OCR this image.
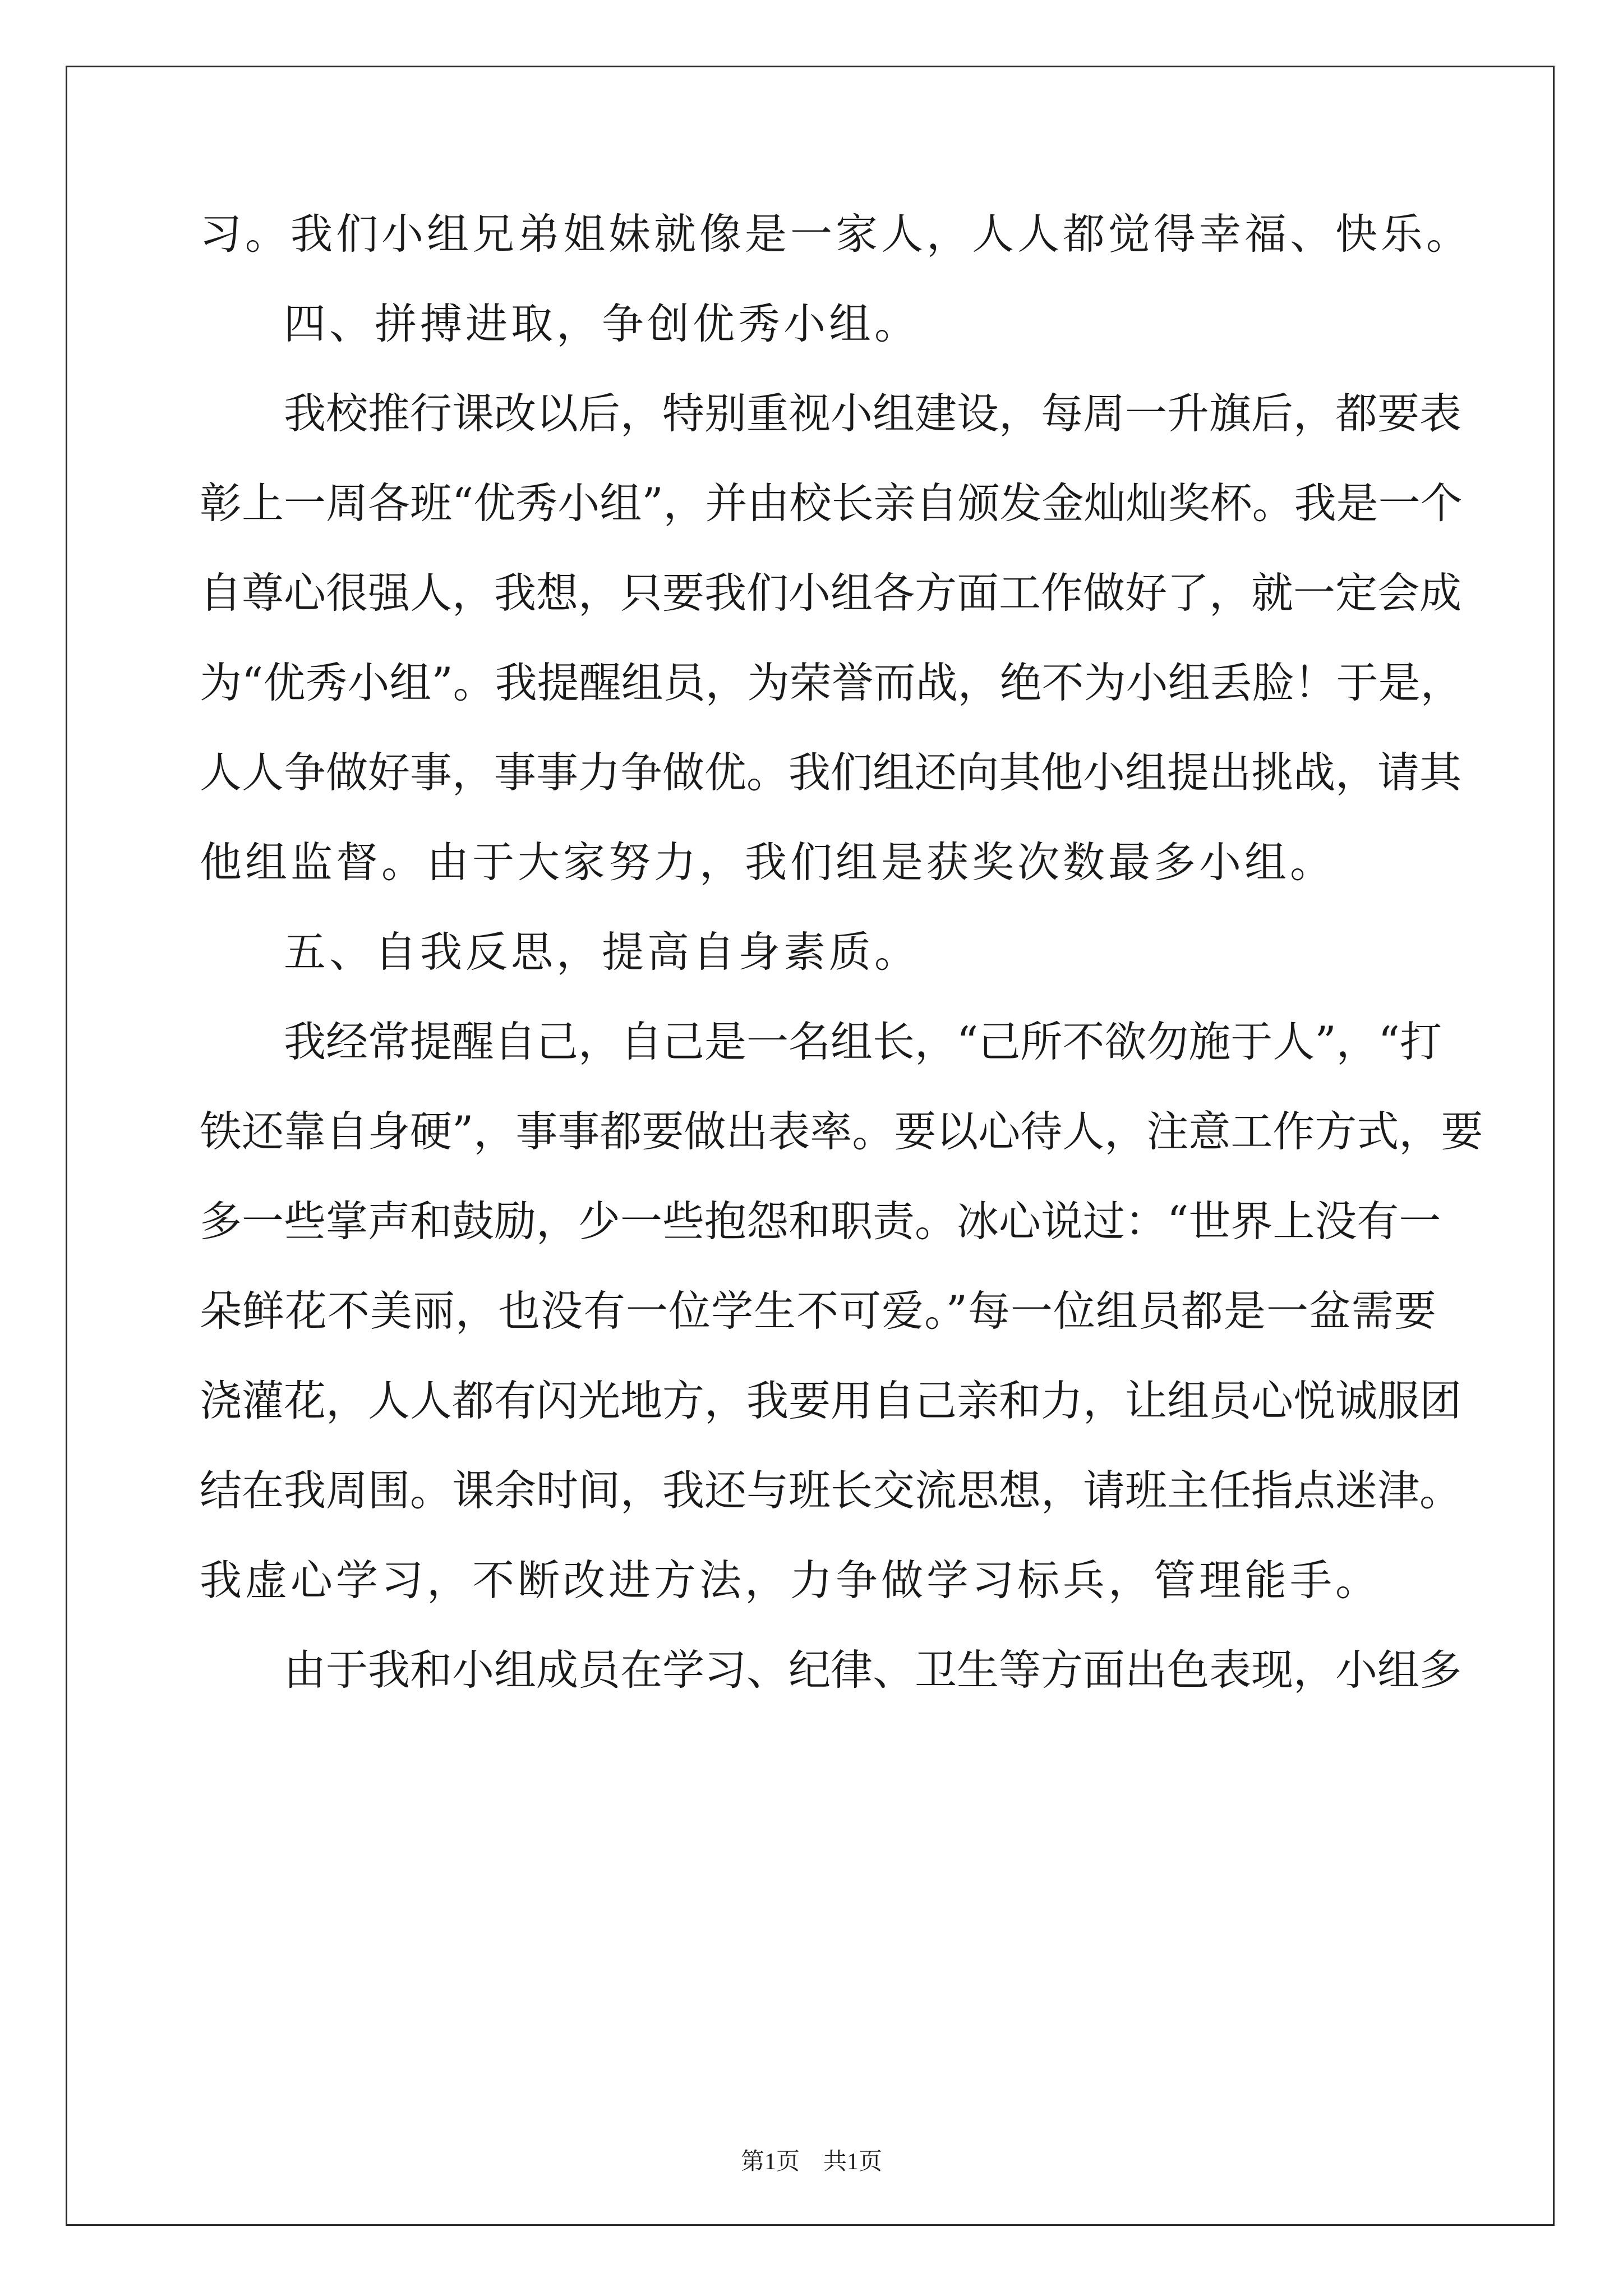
习。我们小组兄弟姐妹就像是一家人，人人都觉得幸福、快乐。
四、拼搏进取，争创优秀小组。
我校推行课改以后，特别重视小组建设，每周一升旗后，都要表
彰上一周各班“优秀小组”，并由校长亲自颁发金灿灿奖杯。我是一个
自尊心很强人，我想，只要我们小组各方面工作做好了，就一定会成
为“优秀小组”。我提醒组员，为荣誉而战，绝不为小组丢脸！于是，
人人争做好事，事事力争做优。我们组还向其他小组提出挑战，请其
他组监督。由于大家努力，我们组是获奖次数最多小组。
五、自我反思，提高自身素质。
我经常提醒自己，自己是一名组长，“己所不欲勿施于人”，“打
铁还靠自身硬”，事事都要做出表率。要以心待人，注意工作方式，要
多一些掌声和鼓励，少一些抱怨和职责。冰心说过：“世界上没有一
朵鲜花不美丽，也没有一位学生不可爱。”每一位组员都是一盆需要
浇灌花，人人都有闪光地方，我要用自己亲和力，让组员心悦诚服团
结在我周围。课余时间，我还与班长交流思想，请班主任指点迷津。
我虚心学习，不断改进方法，力争做学习标兵，管理能手。
由于我和小组成员在学习、纪律、卫生等方面出色表现，小组多
第1页　共1页
